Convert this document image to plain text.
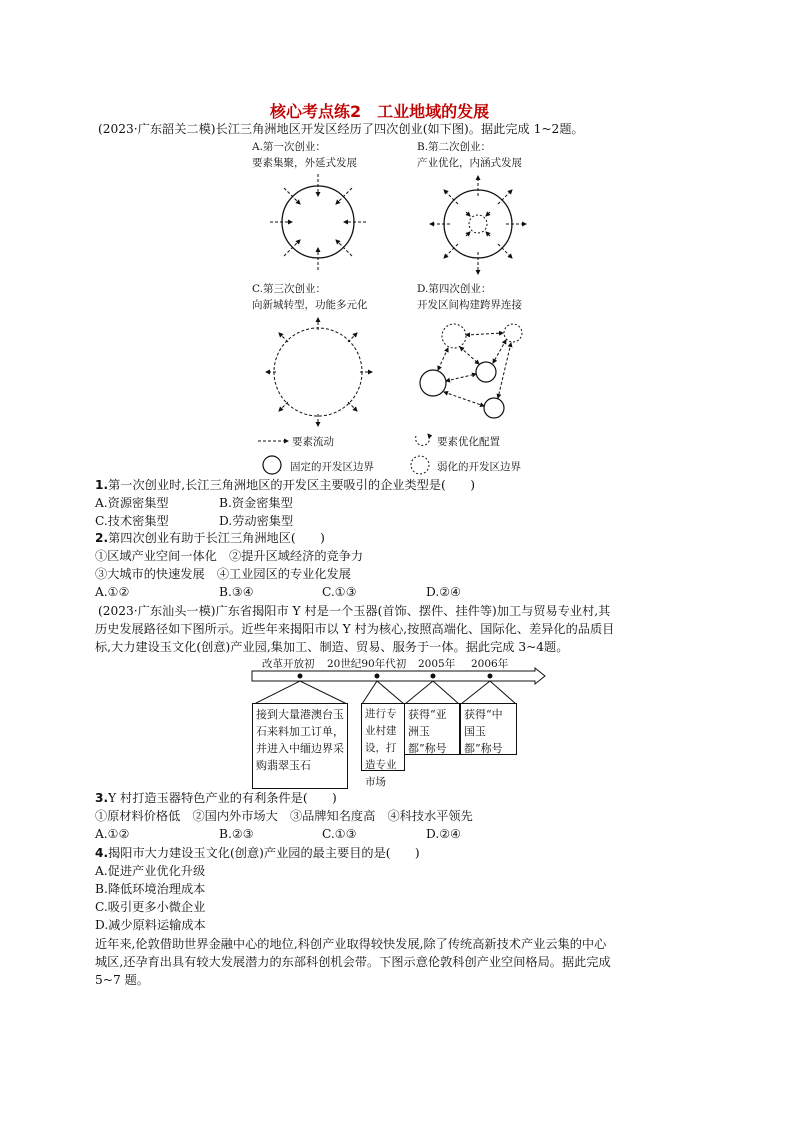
核心考点练2　工业地域的发展
(2023·广东韶关二模)长江三角洲地区开发区经历了四次创业(如下图)。据此完成 1~2题。
A.第一次创业：
要素集聚，外延式发展
B.第二次创业：
产业优化，内涵式发展
C.第三次创业：
向新城转型，功能多元化
D.第四次创业：
开发区间构建跨界连接
要素流动	要素优化配置
固定的开发区边界	弱化的开发区边界
1.第一次创业时,长江三角洲地区的开发区主要吸引的企业类型是(　　)
A.资源密集型	B.资金密集型
C.技术密集型	D.劳动密集型
2.第四次创业有助于长江三角洲地区(　　)
①区域产业空间一体化　②提升区域经济的竞争力
③大城市的快速发展　④工业园区的专业化发展
A.①②	B.③④	C.①③	D.②④
(2023·广东汕头一模)广东省揭阳市 Y 村是一个玉器(首饰、摆件、挂件等)加工与贸易专业村,其
历史发展路径如下图所示。近些年来揭阳市以 Y 村为核心,按照高端化、国际化、差异化的品质目
标,大力建设玉文化(创意)产业园,集加工、制造、贸易、服务于一体。据此完成 3~4题。
改革开放初 20世纪90年代初 2005年 2006年
接到大量港澳台玉石来料加工订单，并进入中缅边界采购翡翠玉石
进行专业村建设，打造专业市场
获得“亚洲玉都”称号
获得“中国玉都”称号
3.Y 村打造玉器特色产业的有利条件是(　　)
①原材料价格低　②国内外市场大　③品牌知名度高　④科技水平领先
A.①②	B.②③	C.①③	D.②④
4.揭阳市大力建设玉文化(创意)产业园的最主要目的是(　　)
A.促进产业优化升级
B.降低环境治理成本
C.吸引更多小微企业
D.减少原料运输成本
近年来,伦敦借助世界金融中心的地位,科创产业取得较快发展,除了传统高新技术产业云集的中心
城区,还孕育出具有较大发展潜力的东部科创机会带。下图示意伦敦科创产业空间格局。据此完成
5~7 题。
